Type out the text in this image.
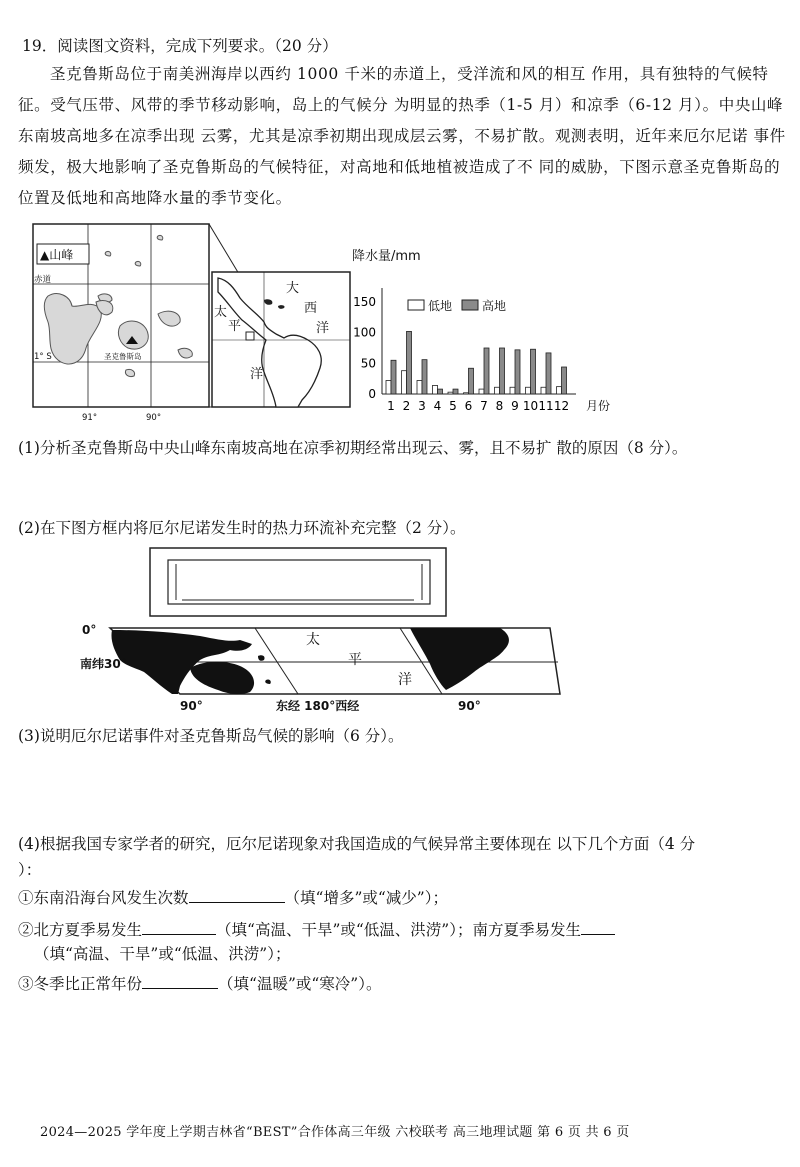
19．阅读图文资料，完成下列要求。（20 分）
圣克鲁斯岛位于南美洲海岸以西约 1000 千米的赤道上，受洋流和风的相互 作用，具有独特的气候特征。受气压带、风带的季节移动影响，岛上的气候分 为明显的热季（1-5 月）和凉季（6-12 月）。中央山峰东南坡高地多在凉季出现 云雾，尤其是凉季初期出现成层云雾，不易扩散。观测表明，近年来厄尔尼诺 事件频发，极大地影响了圣克鲁斯岛的气候特征，对高地和低地植被造成了不 同的威胁，下图示意圣克鲁斯岛的位置及低地和高地降水量的季节变化。
▲山峰
赤道
1° S	圣克鲁斯岛
91°	90°
大
西
洋
太
平
洋
降水量/mm
150
100
50
0
1 2 3 4 5 6 7 8 9 10 11 12 月份
低地 高地
(1)分析圣克鲁斯岛中央山峰东南坡高地在凉季初期经常出现云、雾，且不易扩 散的原因（8 分）。
(2)在下图方框内将厄尔尼诺发生时的热力环流补充完整（2 分）。
0°
南纬30°
90°	东经 180°西经	90°
太
平
洋
(3)说明厄尔尼诺事件对圣克鲁斯岛气候的影响（6 分）。
(4)根据我国专家学者的研究，厄尔尼诺现象对我国造成的气候异常主要体现在 以下几个方面（4 分
）：
①东南沿海台风发生次数	（填“增多”或“减少”）；
②北方夏季易发生	（填“高温、干旱”或“低温、洪涝”）；南方夏季易发生
（填“高温、干旱”或“低温、洪涝”）；
③冬季比正常年份	（填“温暖”或“寒冷”）。
2024—2025 学年度上学期吉林省“BEST”合作体高三年级 六校联考 高三地理试题 第 6 页 共 6 页
